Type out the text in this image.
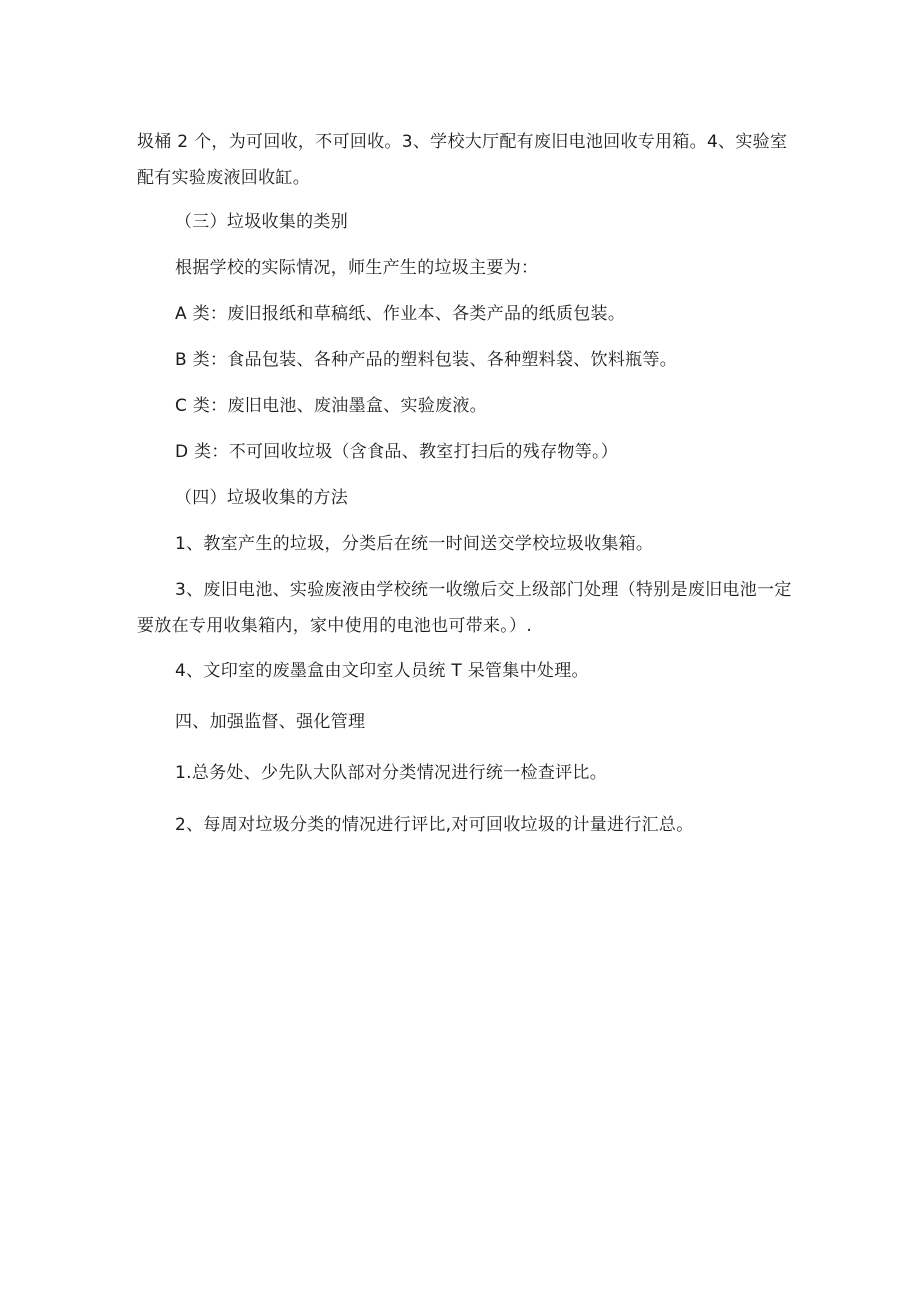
圾桶 2 个，为可回收，不可回收。3、学校大厅配有废旧电池回收专用箱。4、实验室
配有实验废液回收缸。
（三）垃圾收集的类别
根据学校的实际情况，师生产生的垃圾主要为：
A 类：废旧报纸和草稿纸、作业本、各类产品的纸质包装。
B 类：食品包装、各种产品的塑料包装、各种塑料袋、饮料瓶等。
C 类：废旧电池、废油墨盒、实验废液。
D 类：不可回收垃圾（含食品、教室打扫后的残存物等。）
（四）垃圾收集的方法
1、教室产生的垃圾，分类后在统一时间送交学校垃圾收集箱。
3、废旧电池、实验废液由学校统一收缴后交上级部门处理（特别是废旧电池一定
要放在专用收集箱内，家中使用的电池也可带来。）.
4、文印室的废墨盒由文印室人员统 T 呆管集中处理。
四、加强监督、强化管理
1.总务处、少先队大队部对分类情况进行统一检查评比。
2、每周对垃圾分类的情况进行评比,对可回收垃圾的计量进行汇总。
